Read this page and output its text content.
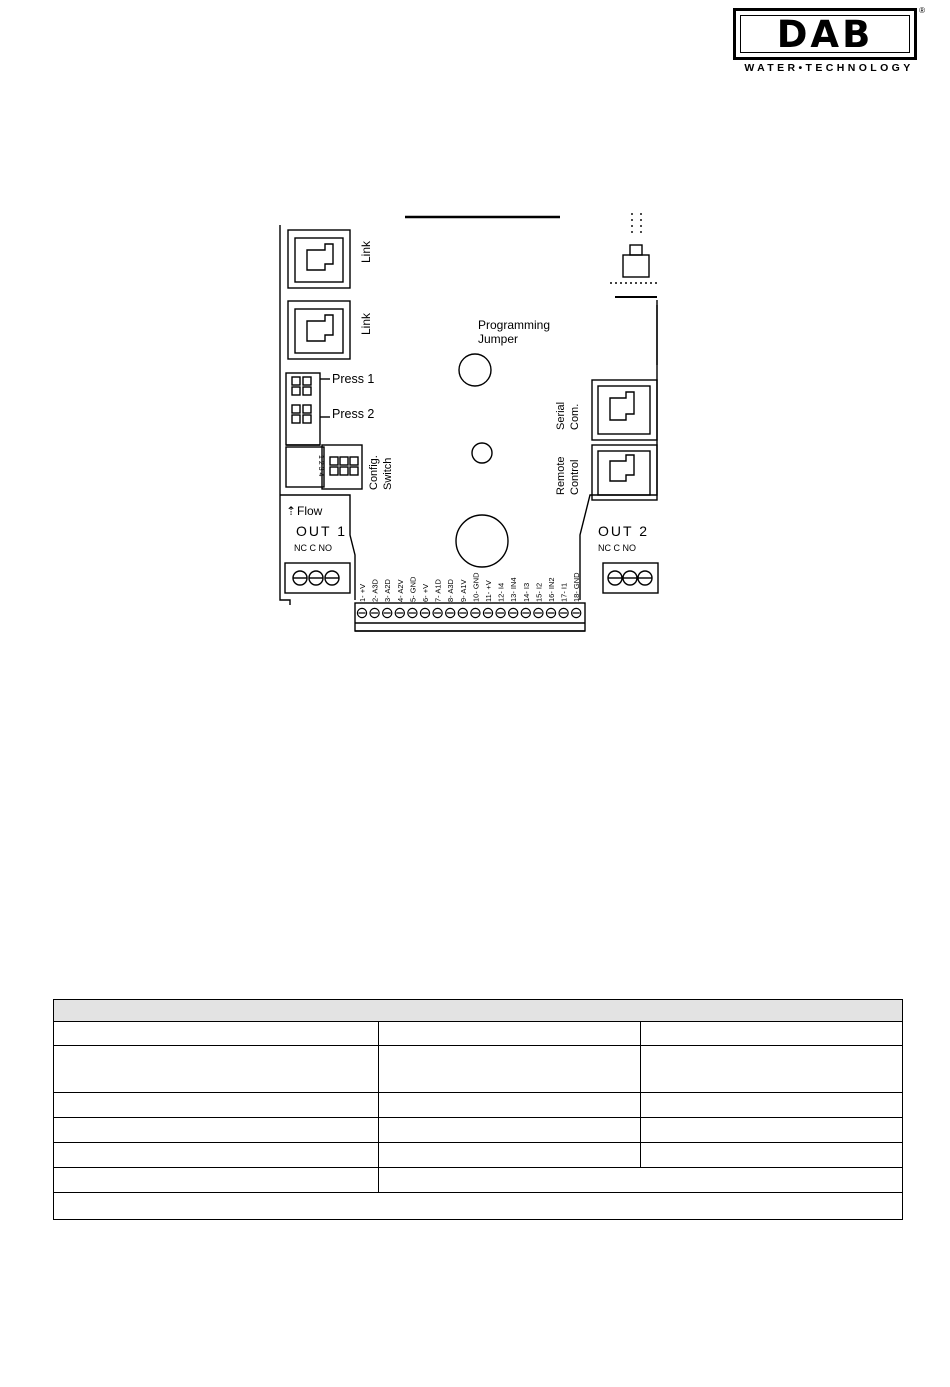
DAB
®
WATER•TECHNOLOGY
Link
Link	Programming
Jumper
Press 1
Press 2
Config. Switch
1 2 3 4
Serial Com.
Remote Control
⇡ Flow
OUT 1
NC C NO
OUT 2
NC C NO
1- +V 2- A3D 3- A2D 4- A2V 5- GND 6- +V 7- A1D 8- A3D 9- A1V 10- GND 11- +V 12- I4 13- IN4 14- I3 15- I2 16- IN2 17- I1 18- GND
